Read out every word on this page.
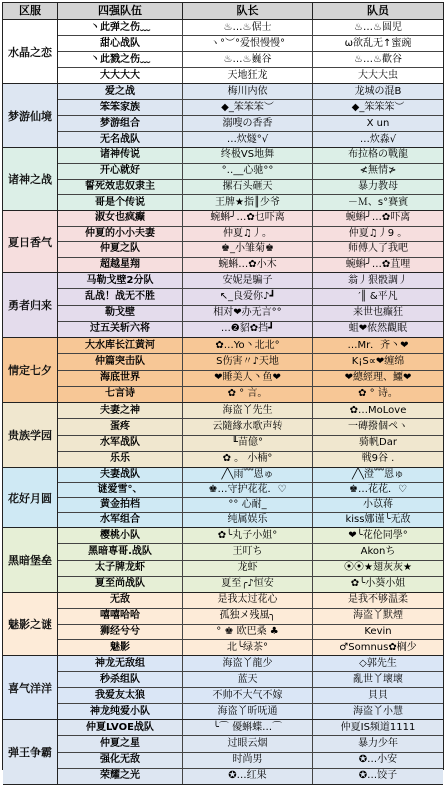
区服	四强队伍	队长	队员
水晶之恋
丶此弹之伤﹏	♨…♨倨士	♨…♨圆児
甜心战队	ヽ°︶°爱恨慢慢°	ω欲乱无↑蜜豌
丶此戮之伤﹏	♨…♨巍谷	♨…♨歡谷
大大大大	天地狂龙	大大大虫
梦游仙境
爱之战	梅川内依	龙城の混B
笨笨家族	◆_笨笨笨︶	◆_笨笨笨︶
梦游组合	溺嗖の香香	X un
无名战队	…炊燧°√	…炊淼√
诸神之战
诸神传说	终极VS地舞	布拉格の戰龍
开心就好	°‥__心驰°°	≮無情≯
誓死效忠奴隶主	摞石头砸天	暴力教母
哥是个传说	王牌★指║少爷	－Ｍ、s°賽賓
夏日香气
淑女也疯癫	蜿蝌╯…✿乜吓离	蜿蝌╯…✿吓离
仲夏的小小夫妻	仲夏♫丿。	仲夏♫丿9 。
仲夏之队	♚_小雏菊♚	师傅人了我吧
超越星翔	蜿蝌…✿小木	蜿蝌╯…✿苴哩
勇者归来
马勒戈壁2分队	安妮是騙子	翁丿狠骰調丿
乱战！战无不胜	↖_良爱你♪┛	′║ &平凡
勒戈壁	相对❤办无言°°	来世也癫狂
过五关斩六将	…❷貂✿挡┛	蛆❤侬然觀眠
情定七夕
大水库长江黄河	✿…Yo丶北北°	…Mr．齐丶❤
仲篇突击队	S伤害〃♪天地	K¡S∝❤缠绵
海底世界	❤睡美人丶鱼❤	❤總經理、鱷❤
七言诗	✿ ° 言。	✿ ° 诗。
贵族学园
夫妻之神	海盗丫先生	✿…MoLove
蛋疼	云隨緣水歌声转	一磚撥個ペヽ
水军战队	╙苗億°	骑帆Dar
乐乐	✿ 。 小楠°	戦9谷 .
花好月圆
夫妻战队	╱╲雨﹌恩ゅ	╱╲澄﹌恩ゅ
谜爱雪°、	♚…守护花花．♡	♚…花花．♡
黄金拍档	°° 心耐_	小苡蒋
水军组合	纯属娱乐	kiss娜谨╰无敌
黑暗堡垒
樱桃小队	✿╰丸子小姐°	❤╰花伦同學°
黑暗専哥.战队	王叮ち	Akonち
太子牌龙虾	龙虾	⦿⦿★翅灰灰★
夏至尚战队	夏至╭♪恒安	✿╰小葵小姐
魅影之谜
无敌	是我太过花心	是我不够温柔
嘻嘻哈哈	孤独メ残風╮	海盗丫默煙
狮经兮兮	° ♚ 欧巴桑 ♣	Kevin
魅影	北╰绿茶°	♂Somnus✿榈少
喜气洋洋
神龙无敌组	海盗丫龍少	◇郭先生
秒杀组队	蓝天	亂世丫壞壞
我爱友太狼	不帅不大气不嫁	貝貝
神龙纯爱小队	海盗丫昕呒通	海盗丫小慧
弹王争霸
仲夏LVOE战队	╰⌒ 優蝌蝶…⌒	仲夏IS频道1111
仲夏之星	过眼云烟	暴力少年
强化无敌	时尚男	✪…小安
荣耀之光	✪…红果	✪…饺子
